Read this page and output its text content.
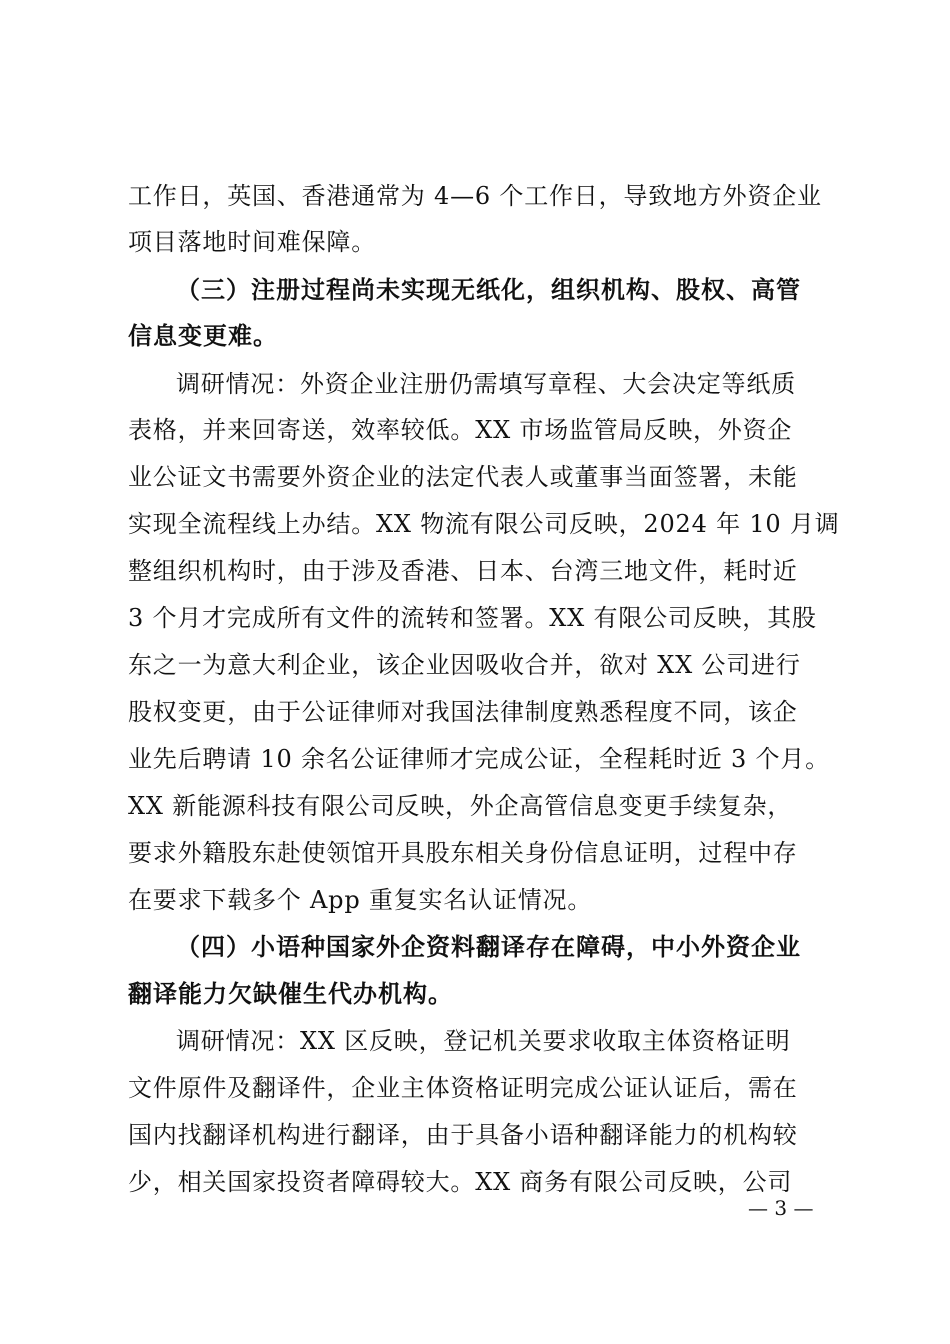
工作日，英国、香港通常为 4—6 个工作日，导致地方外资企业
项目落地时间难保障。
（三）注册过程尚未实现无纸化，组织机构、股权、高管
信息变更难。
调研情况：外资企业注册仍需填写章程、大会决定等纸质
表格，并来回寄送，效率较低。XX 市场监管局反映，外资企
业公证文书需要外资企业的法定代表人或董事当面签署，未能
实现全流程线上办结。XX 物流有限公司反映，2024 年 10 月调
整组织机构时，由于涉及香港、日本、台湾三地文件，耗时近
3 个月才完成所有文件的流转和签署。XX 有限公司反映，其股
东之一为意大利企业，该企业因吸收合并，欲对 XX 公司进行
股权变更，由于公证律师对我国法律制度熟悉程度不同，该企
业先后聘请 10 余名公证律师才完成公证，全程耗时近 3 个月。
XX 新能源科技有限公司反映，外企高管信息变更手续复杂，
要求外籍股东赴使领馆开具股东相关身份信息证明，过程中存
在要求下载多个 App 重复实名认证情况。
（四）小语种国家外企资料翻译存在障碍，中小外资企业
翻译能力欠缺催生代办机构。
调研情况：XX 区反映，登记机关要求收取主体资格证明
文件原件及翻译件，企业主体资格证明完成公证认证后，需在
国内找翻译机构进行翻译，由于具备小语种翻译能力的机构较
少，相关国家投资者障碍较大。XX 商务有限公司反映，公司
— 3 —
